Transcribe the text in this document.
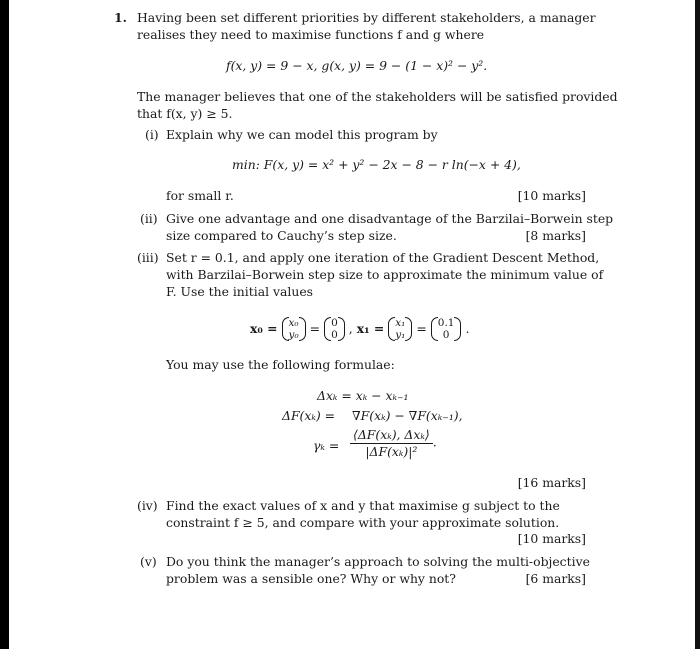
1. Having been set different priorities by different stakeholders, a manager
realises they need to maximise functions f and g where
f(x, y) = 9 − x, g(x, y) = 9 − (1 − x)² − y².
The manager believes that one of the stakeholders will be satisfied provided
that f(x, y) ≥ 5.
(i) Explain why we can model this program by
min: F(x, y) = x² + y² − 2x − 8 − r ln(−x + 4),
for small r.	[10 marks]
(ii) Give one advantage and one disadvantage of the Barzilai–Borwein step
size compared to Cauchy’s step size.	[8 marks]
(iii) Set r = 0.1, and apply one iteration of the Gradient Descent Method,
with Barzilai–Borwein step size to approximate the minimum value of
F. Use the initial values
x₀ = x₀
y₀ = 0
0 , x₁ = x₁
y₁ = 0.1
0	.
You may use the following formulae:
Δxₖ = xₖ − xₖ₋₁
ΔF(xₖ) = ∇F(xₖ) − ∇F(xₖ₋₁),
$\gamma_k = \frac{\text{⟨ΔF(xₖ), Δxₖ⟩}}{\text{|ΔF(xₖ)|²}}$ .
[16 marks]
(iv) Find the exact values of x and y that maximise g subject to the
constraint f ≥ 5, and compare with your approximate solution.
[10 marks]
(v) Do you think the manager’s approach to solving the multi-objective
problem was a sensible one? Why or why not?	[6 marks]
